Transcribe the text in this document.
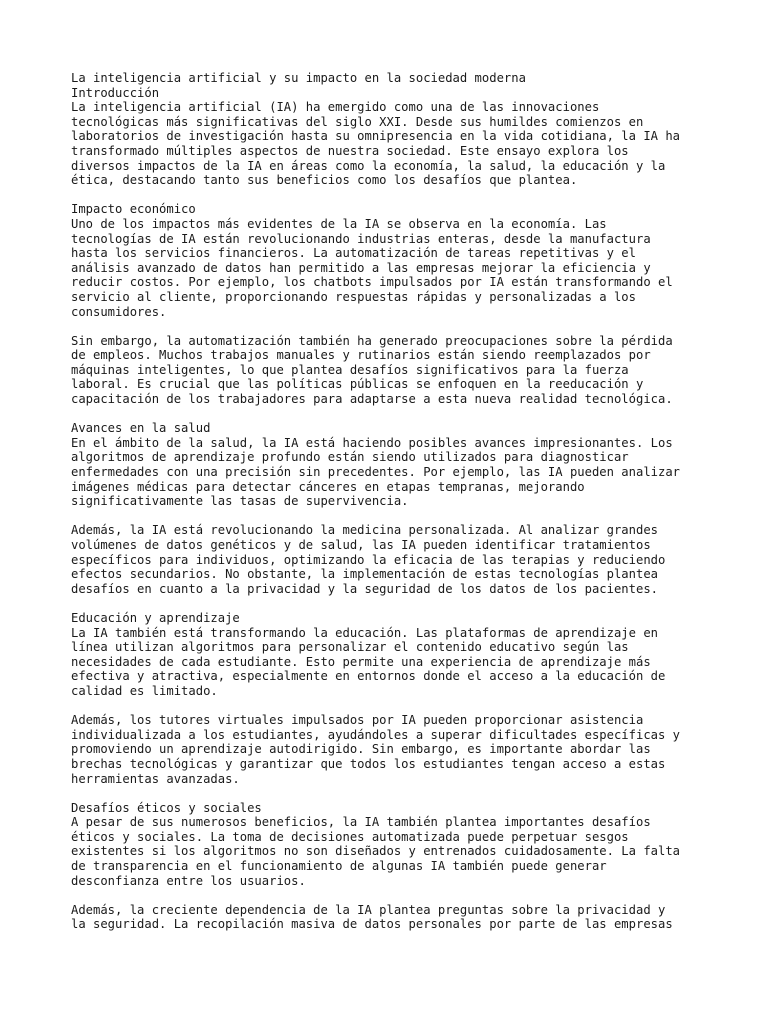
La inteligencia artificial y su impacto en la sociedad moderna
Introducción
La inteligencia artificial (IA) ha emergido como una de las innovaciones
tecnológicas más significativas del siglo XXI. Desde sus humildes comienzos en
laboratorios de investigación hasta su omnipresencia en la vida cotidiana, la IA ha
transformado múltiples aspectos de nuestra sociedad. Este ensayo explora los
diversos impactos de la IA en áreas como la economía, la salud, la educación y la
ética, destacando tanto sus beneficios como los desafíos que plantea.
Impacto económico
Uno de los impactos más evidentes de la IA se observa en la economía. Las
tecnologías de IA están revolucionando industrias enteras, desde la manufactura
hasta los servicios financieros. La automatización de tareas repetitivas y el
análisis avanzado de datos han permitido a las empresas mejorar la eficiencia y
reducir costos. Por ejemplo, los chatbots impulsados por IA están transformando el
servicio al cliente, proporcionando respuestas rápidas y personalizadas a los
consumidores.
Sin embargo, la automatización también ha generado preocupaciones sobre la pérdida
de empleos. Muchos trabajos manuales y rutinarios están siendo reemplazados por
máquinas inteligentes, lo que plantea desafíos significativos para la fuerza
laboral. Es crucial que las políticas públicas se enfoquen en la reeducación y
capacitación de los trabajadores para adaptarse a esta nueva realidad tecnológica.
Avances en la salud
En el ámbito de la salud, la IA está haciendo posibles avances impresionantes. Los
algoritmos de aprendizaje profundo están siendo utilizados para diagnosticar
enfermedades con una precisión sin precedentes. Por ejemplo, las IA pueden analizar
imágenes médicas para detectar cánceres en etapas tempranas, mejorando
significativamente las tasas de supervivencia.
Además, la IA está revolucionando la medicina personalizada. Al analizar grandes
volúmenes de datos genéticos y de salud, las IA pueden identificar tratamientos
específicos para individuos, optimizando la eficacia de las terapias y reduciendo
efectos secundarios. No obstante, la implementación de estas tecnologías plantea
desafíos en cuanto a la privacidad y la seguridad de los datos de los pacientes.
Educación y aprendizaje
La IA también está transformando la educación. Las plataformas de aprendizaje en
línea utilizan algoritmos para personalizar el contenido educativo según las
necesidades de cada estudiante. Esto permite una experiencia de aprendizaje más
efectiva y atractiva, especialmente en entornos donde el acceso a la educación de
calidad es limitado.
Además, los tutores virtuales impulsados por IA pueden proporcionar asistencia
individualizada a los estudiantes, ayudándoles a superar dificultades específicas y
promoviendo un aprendizaje autodirigido. Sin embargo, es importante abordar las
brechas tecnológicas y garantizar que todos los estudiantes tengan acceso a estas
herramientas avanzadas.
Desafíos éticos y sociales
A pesar de sus numerosos beneficios, la IA también plantea importantes desafíos
éticos y sociales. La toma de decisiones automatizada puede perpetuar sesgos
existentes si los algoritmos no son diseñados y entrenados cuidadosamente. La falta
de transparencia en el funcionamiento de algunas IA también puede generar
desconfianza entre los usuarios.
Además, la creciente dependencia de la IA plantea preguntas sobre la privacidad y
la seguridad. La recopilación masiva de datos personales por parte de las empresas
